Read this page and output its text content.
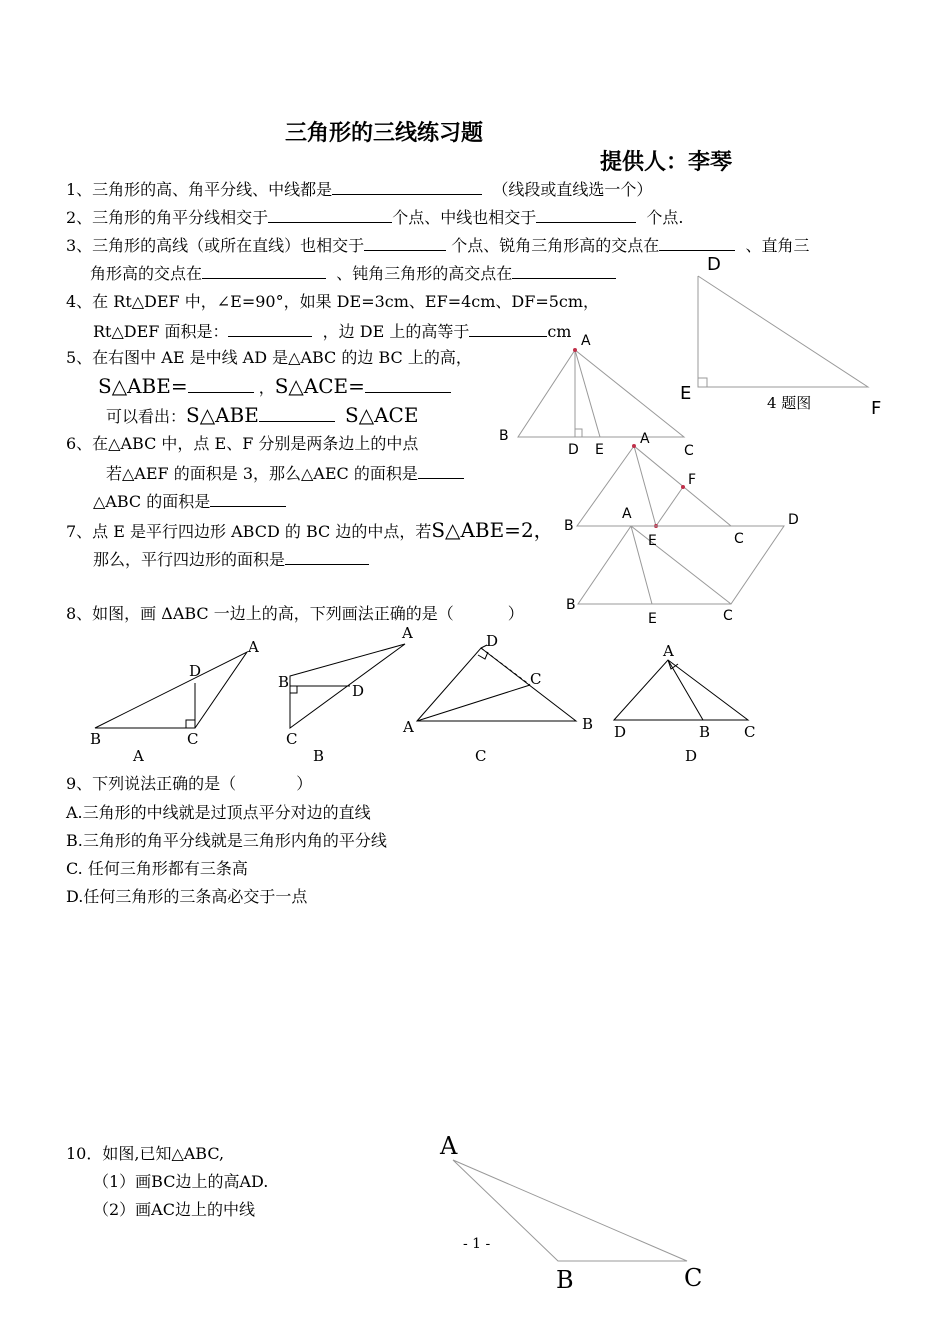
三角形的三线练习题
提供人：李琴
1、三角形的高、角平分线、中线都是	（线段或直线选一个）
2、三角形的角平分线相交于	个点、中线也相交于	个点.
3、三角形的高线（或所在直线）也相交于	个点、锐角三角形高的交点在	、直角三
角形高的交点在	、钝角三角形的高交点在
4、在 Rt△DEF 中，∠E=90°，如果 DE=3cm、EF=4cm、DF=5cm，
Rt△DEF 面积是：	，边 DE 上的高等于	cm
5、在右图中 AE 是中线 AD 是△ABC 的边 BC 上的高，
S△ABE=	，S△ACE=
可以看出：S△ABE	S△ACE
6、在△ABC 中，点 E、F 分别是两条边上的中点
若△AEF 的面积是 3，那么△AEC 的面积是
△ABC 的面积是
7、点 E 是平行四边形 ABCD 的 BC 边的中点，若S△ABE=2，
那么，平行四边形的面积是
8、如图，画 ΔABC 一边上的高，下列画法正确的是（	）
9、下列说法正确的是（	）
A.三角形的中线就是过顶点平分对边的直线
B.三角形的角平分线就是三角形内角的平分线
C. 任何三角形都有三条高
D.任何三角形的三条高必交于一点
10．如图,已知△ABC,
（1）画BC边上的高AD.
（2）画AC边上的中线
- 1 -
D
E
F
4 题图
A
B
C
D E
A
F
B
E	C
A	D
B
E	C
A
D
B	C
A
A
B	D
C
B
D
C
A	B
C
A
D	B C
D
A
B	C
